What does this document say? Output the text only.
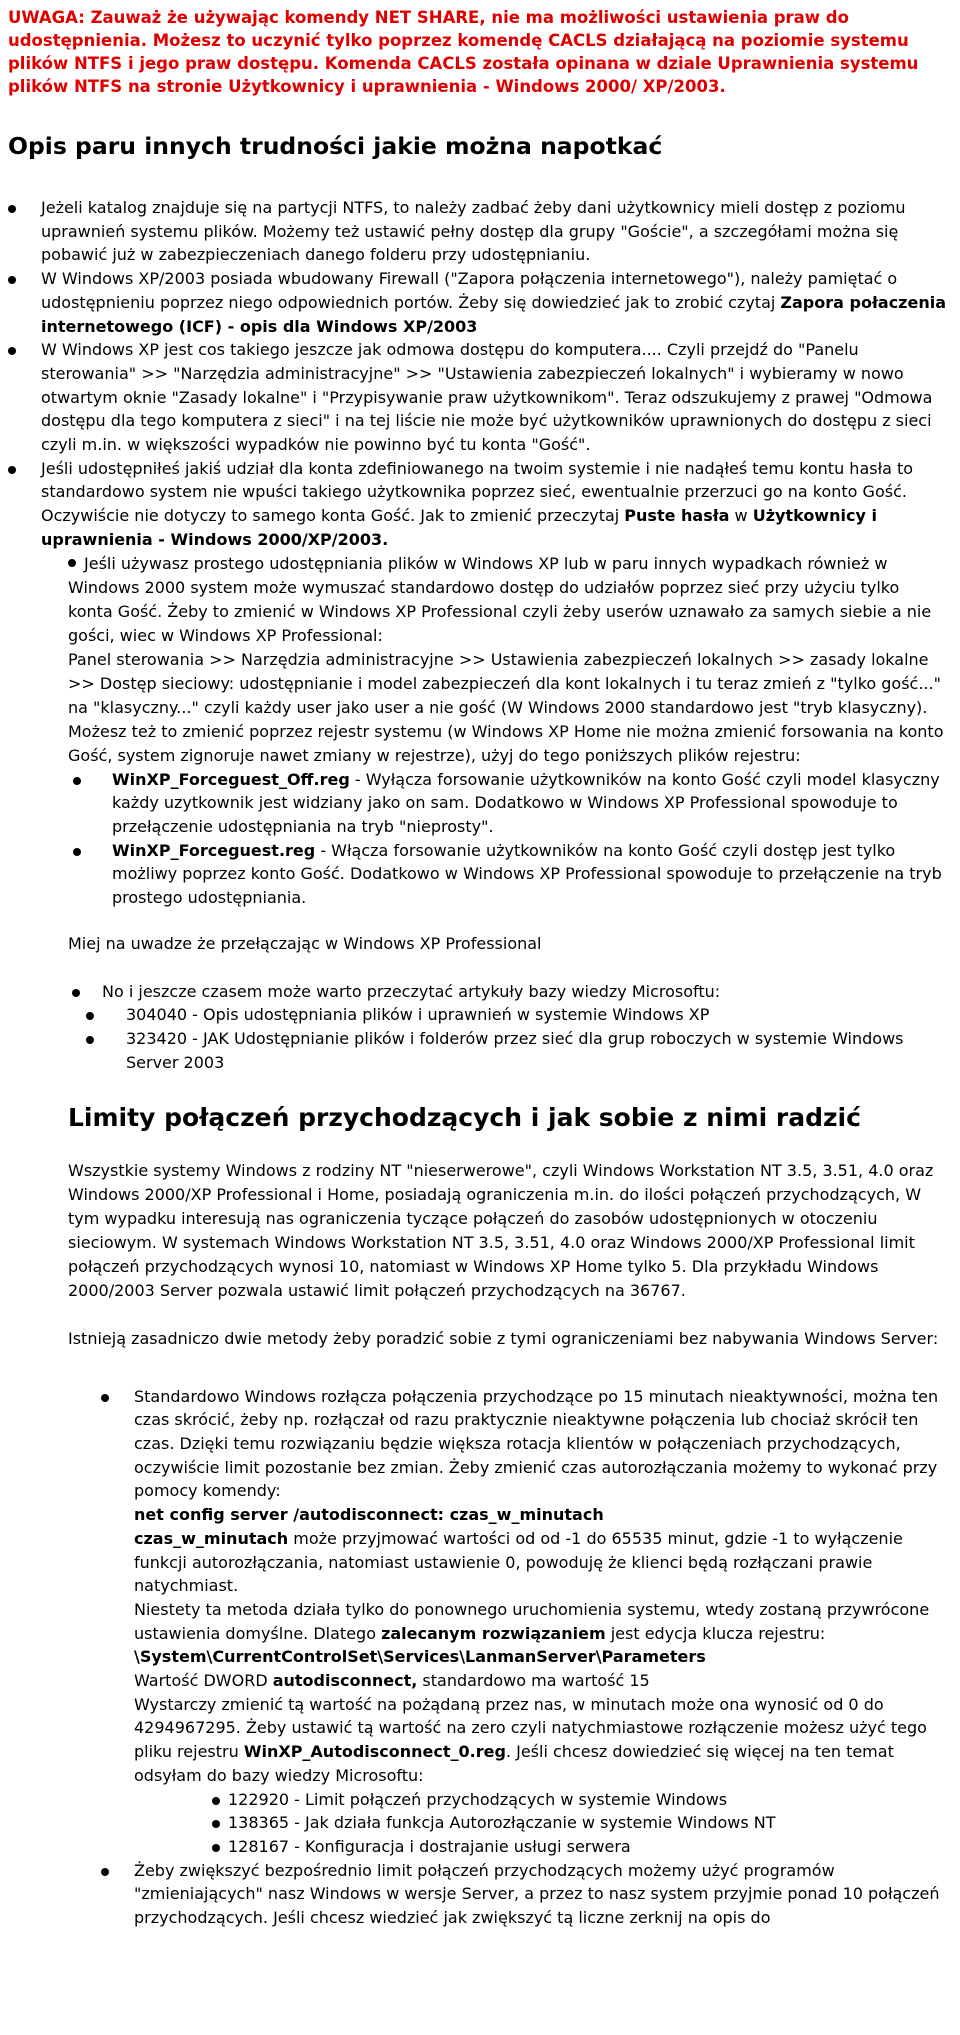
UWAGA: Zauważ że używając komendy NET SHARE, nie ma możliwości ustawienia praw do udostępnienia. Możesz to uczynić tylko poprzez komendę CACLS działającą na poziomie systemu plików NTFS i jego praw dostępu. Komenda CACLS została opinana w dziale Uprawnienia systemu plików NTFS na stronie Użytkownicy i uprawnienia - Windows 2000/ XP/2003.
Opis paru innych trudności jakie można napotkać
Jeżeli katalog znajduje się na partycji NTFS, to należy zadbać żeby dani użytkownicy mieli dostęp z poziomu uprawnień systemu plików. Możemy też ustawić pełny dostęp dla grupy "Goście", a szczegółami można się pobawić już w zabezpieczeniach danego folderu przy udostępnianiu.
W Windows XP/2003 posiada wbudowany Firewall ("Zapora połączenia internetowego"), należy pamiętać o udostępnieniu poprzez niego odpowiednich portów. Żeby się dowiedzieć jak to zrobić czytaj Zapora połaczenia internetowego (ICF) - opis dla Windows XP/2003
W Windows XP jest cos takiego jeszcze jak odmowa dostępu do komputera.... Czyli przejdź do "Panelu sterowania" >> "Narzędzia administracyjne" >> "Ustawienia zabezpieczeń lokalnych" i wybieramy w nowo otwartym oknie "Zasady lokalne" i "Przypisywanie praw użytkownikom". Teraz odszukujemy z prawej "Odmowa dostępu dla tego komputera z sieci" i na tej liście nie może być użytkowników uprawnionych do dostępu z sieci czyli m.in. w większości wypadków nie powinno być tu konta "Gość".
Jeśli udostępniłeś jakiś udział dla konta zdefiniowanego na twoim systemie i nie nadąłeś temu kontu hasła to standardowo system nie wpuści takiego użytkownika poprzez sieć, ewentualnie przerzuci go na konto Gość. Oczywiście nie dotyczy to samego konta Gość. Jak to zmienić przeczytaj Puste hasła w Użytkownicy i uprawnienia - Windows 2000/XP/2003.
Jeśli używasz prostego udostępniania plików w Windows XP lub w paru innych wypadkach również w Windows 2000 system może wymuszać standardowo dostęp do udziałów poprzez sieć przy użyciu tylko konta Gość. Żeby to zmienić w Windows XP Professional czyli żeby userów uznawało za samych siebie a nie gości, wiec w Windows XP Professional:
Panel sterowania >> Narzędzia administracyjne >> Ustawienia zabezpieczeń lokalnych >> zasady lokalne >> Dostęp sieciowy: udostępnianie i model zabezpieczeń dla kont lokalnych i tu teraz zmień z "tylko gość..." na "klasyczny..." czyli każdy user jako user a nie gość (W Windows 2000 standardowo jest "tryb klasyczny). Możesz też to zmienić poprzez rejestr systemu (w Windows XP Home nie można zmienić forsowania na konto Gość, system zignoruje nawet zmiany w rejestrze), użyj do tego poniższych plików rejestru:
WinXP_Forceguest_Off.reg - Wyłącza forsowanie użytkowników na konto Gość czyli model klasyczny każdy uzytkownik jest widziany jako on sam. Dodatkowo w Windows XP Professional spowoduje to przełączenie udostępniania na tryb "nieprosty".
WinXP_Forceguest.reg - Włącza forsowanie użytkowników na konto Gość czyli dostęp jest tylko możliwy poprzez konto Gość. Dodatkowo w Windows XP Professional spowoduje to przełączenie na tryb prostego udostępniania.
Miej na uwadze że przełączając w Windows XP Professional
No i jeszcze czasem może warto przeczytać artykuły bazy wiedzy Microsoftu:
304040 - Opis udostępniania plików i uprawnień w systemie Windows XP
323420 - JAK Udostępnianie plików i folderów przez sieć dla grup roboczych w systemie Windows Server 2003
Limity połączeń przychodzących i jak sobie z nimi radzić
Wszystkie systemy Windows z rodziny NT "nieserwerowe", czyli Windows Workstation NT 3.5, 3.51, 4.0 oraz Windows 2000/XP Professional i Home, posiadają ograniczenia m.in. do ilości połączeń przychodzących, W tym wypadku interesują nas ograniczenia tyczące połączeń do zasobów udostępnionych w otoczeniu sieciowym. W systemach Windows Workstation NT 3.5, 3.51, 4.0 oraz Windows 2000/XP Professional limit połączeń przychodzących wynosi 10, natomiast w Windows XP Home tylko 5. Dla przykładu Windows 2000/2003 Server pozwala ustawić limit połączeń przychodzących na 36767.
Istnieją zasadniczo dwie metody żeby poradzić sobie z tymi ograniczeniami bez nabywania Windows Server:
Standardowo Windows rozłącza połączenia przychodzące po 15 minutach nieaktywności, można ten czas skrócić, żeby np. rozłączał od razu praktycznie nieaktywne połączenia lub chociaż skrócił ten czas. Dzięki temu rozwiązaniu będzie większa rotacja klientów w połączeniach przychodzących, oczywiście limit pozostanie bez zmian. Żeby zmienić czas autorozłączania możemy to wykonać przy pomocy komendy:
net config server /autodisconnect: czas_w_minutach
czas_w_minutach może przyjmować wartości od od -1 do 65535 minut, gdzie -1 to wyłączenie funkcji autorozłączania, natomiast ustawienie 0, powoduję że klienci będą rozłączani prawie natychmiast.
Niestety ta metoda działa tylko do ponownego uruchomienia systemu, wtedy zostaną przywrócone ustawienia domyślne. Dlatego zalecanym rozwiązaniem jest edycja klucza rejestru:
\System\CurrentControlSet\Services\LanmanServer\Parameters
Wartość DWORD autodisconnect, standardowo ma wartość 15
Wystarczy zmienić tą wartość na pożądaną przez nas, w minutach może ona wynosić od 0 do 4294967295. Żeby ustawić tą wartość na zero czyli natychmiastowe rozłączenie możesz użyć tego pliku rejestru WinXP_Autodisconnect_0.reg. Jeśli chcesz dowiedzieć się więcej na ten temat odsyłam do bazy wiedzy Microsoftu:
122920 - Limit połączeń przychodzących w systemie Windows
138365 - Jak działa funkcja Autorozłączanie w systemie Windows NT
128167 - Konfiguracja i dostrajanie usługi serwera
Żeby zwiększyć bezpośrednio limit połączeń przychodzących możemy użyć programów "zmieniających" nasz Windows w wersje Server, a przez to nasz system przyjmie ponad 10 połączeń przychodzących. Jeśli chcesz wiedzieć jak zwiększyć tą liczne zerknij na opis do
